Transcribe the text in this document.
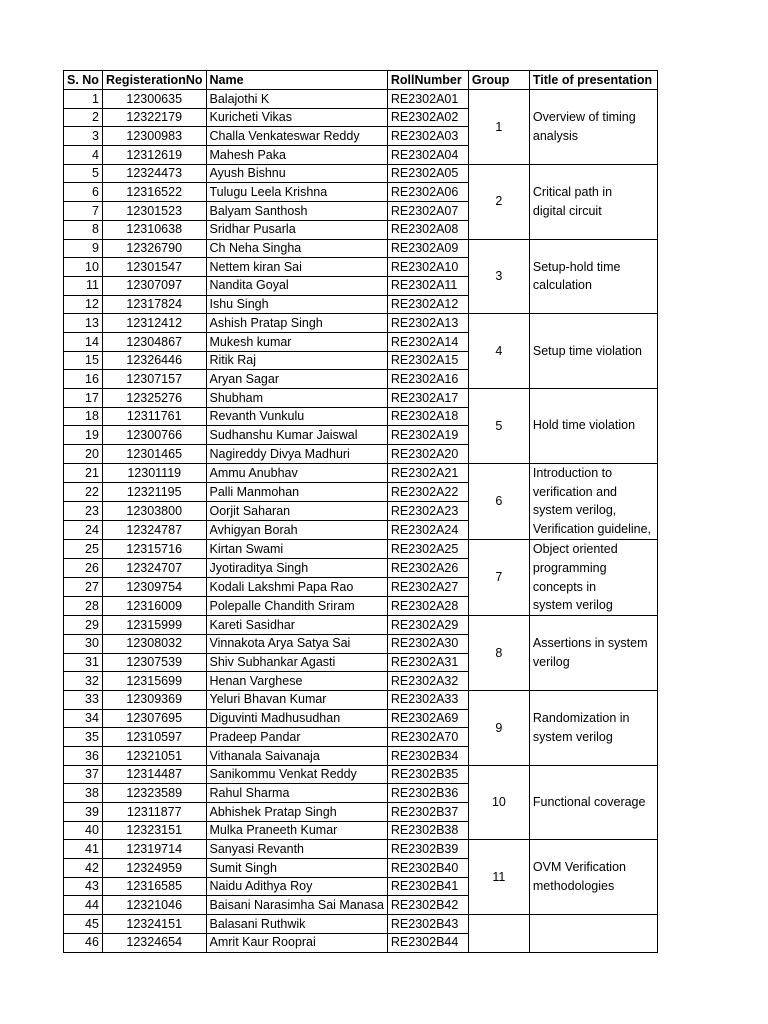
S. No	RegisterationNo	Name	RollNumber	Group	Title of presentation
1	12300635	Balajothi K	RE2302A01	1	Overview of timing
analysis

2	12322179	Kuricheti Vikas	RE2302A02		
3	12300983	Challa Venkateswar Reddy	RE2302A03		
4	12312619	Mahesh Paka	RE2302A04		
5	12324473	Ayush Bishnu	RE2302A05	2	Critical path in
digital circuit

6	12316522	Tulugu Leela Krishna	RE2302A06		
7	12301523	Balyam Santhosh	RE2302A07		
8	12310638	Sridhar Pusarla	RE2302A08		
9	12326790	Ch Neha Singha	RE2302A09	3	Setup-hold time
calculation

10	12301547	Nettem kiran Sai	RE2302A10		
11	12307097	Nandita Goyal	RE2302A11		
12	12317824	Ishu Singh	RE2302A12		
13	12312412	Ashish Pratap Singh	RE2302A13	4	Setup time violation

14	12304867	Mukesh kumar	RE2302A14		
15	12326446	Ritik Raj	RE2302A15		
16	12307157	Aryan Sagar	RE2302A16		
17	12325276	Shubham	RE2302A17	5	Hold time violation

18	12311761	Revanth Vunkulu	RE2302A18		
19	12300766	Sudhanshu Kumar Jaiswal	RE2302A19		
20	12301465	Nagireddy Divya Madhuri	RE2302A20		
21	12301119	Ammu Anubhav	RE2302A21	6	Introduction to
verification and
system verilog,
Verification guideline,

22	12321195	Palli Manmohan	RE2302A22		
23	12303800	Oorjit Saharan	RE2302A23		
24	12324787	Avhigyan Borah	RE2302A24		
25	12315716	Kirtan Swami	RE2302A25	7	Object oriented
programming
concepts in
system verilog

26	12324707	Jyotiraditya Singh	RE2302A26		
27	12309754	Kodali Lakshmi Papa Rao	RE2302A27		
28	12316009	Polepalle Chandith Sriram	RE2302A28		
29	12315999	Kareti Sasidhar	RE2302A29	8	Assertions in system
verilog

30	12308032	Vinnakota Arya Satya Sai	RE2302A30		
31	12307539	Shiv Subhankar Agasti	RE2302A31		
32	12315699	Henan Varghese	RE2302A32		
33	12309369	Yeluri Bhavan Kumar	RE2302A33	9	Randomization in
system verilog

34	12307695	Diguvinti Madhusudhan	RE2302A69		
35	12310597	Pradeep Pandar	RE2302A70		
36	12321051	Vithanala Saivanaja	RE2302B34		
37	12314487	Sanikommu Venkat Reddy	RE2302B35	10	Functional coverage

38	12323589	Rahul Sharma	RE2302B36		
39	12311877	Abhishek Pratap Singh	RE2302B37		
40	12323151	Mulka Praneeth Kumar	RE2302B38		
41	12319714	Sanyasi Revanth	RE2302B39	11	OVM Verification
methodologies

42	12324959	Sumit Singh	RE2302B40		
43	12316585	Naidu Adithya Roy	RE2302B41		
44	12321046	Baisani Narasimha Sai Manasa	RE2302B42		
45	12324151	Balasani Ruthwik	RE2302B43		
46	12324654	Amrit Kaur Rooprai	RE2302B44		
